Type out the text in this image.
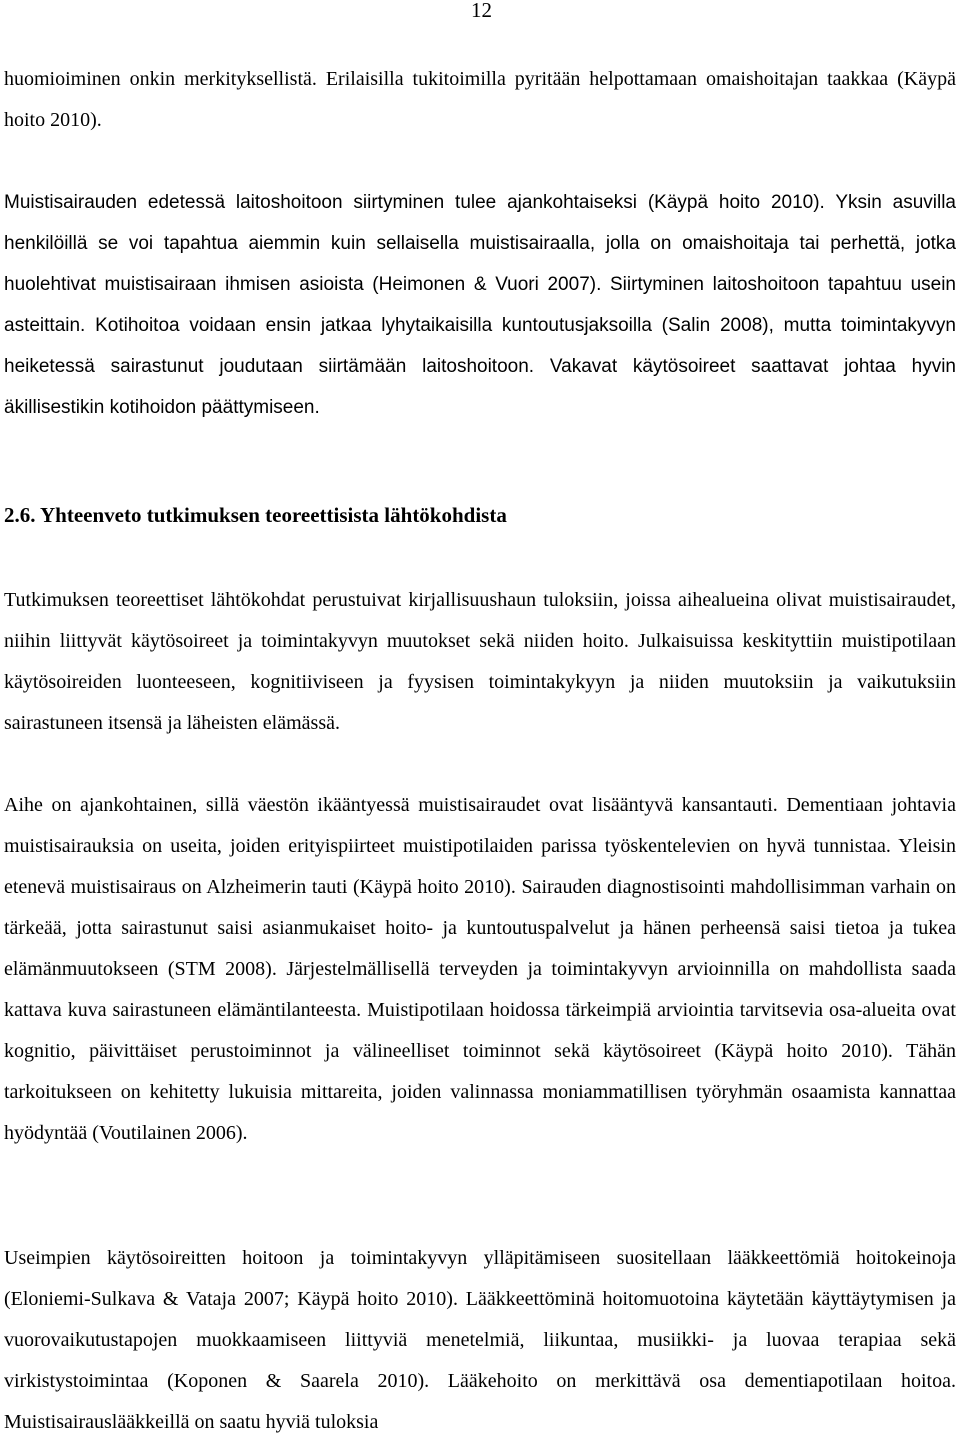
12

huomioiminen onkin merkityksellistä. Erilaisilla tukitoimilla pyritään helpottamaan omaishoitajan taakkaa (Käypä hoito 2010).

Muistisairauden edetessä laitoshoitoon siirtyminen tulee ajankohtaiseksi (Käypä hoito 2010). Yksin asuvilla henkilöillä se voi tapahtua aiemmin kuin sellaisella muistisairaalla, jolla on omaishoitaja tai perhettä, jotka huolehtivat muistisairaan ihmisen asioista (Heimonen & Vuori 2007). Siirtyminen laitoshoitoon tapahtuu usein asteittain. Kotihoitoa voidaan ensin jatkaa lyhytaikaisilla kuntoutusjaksoilla (Salin 2008), mutta toimintakyvyn heiketessä sairastunut joudutaan siirtämään laitoshoitoon. Vakavat käytösoireet saattavat johtaa hyvin äkillisestikin kotihoidon päättymiseen.

2.6. Yhteenveto tutkimuksen teoreettisista lähtökohdista

Tutkimuksen teoreettiset lähtökohdat perustuivat kirjallisuushaun tuloksiin, joissa aihealueina olivat muistisairaudet, niihin liittyvät käytösoireet ja toimintakyvyn muutokset sekä niiden hoito. Julkaisuissa keskityttiin muistipotilaan käytösoireiden luonteeseen, kognitiiviseen ja fyysisen toimintakykyyn ja niiden muutoksiin ja vaikutuksiin sairastuneen itsensä ja läheisten elämässä.

Aihe on ajankohtainen, sillä väestön ikääntyessä muistisairaudet ovat lisääntyvä kansantauti. Dementiaan johtavia muistisairauksia on useita, joiden erityispiirteet muistipotilaiden parissa työskentelevien on hyvä tunnistaa. Yleisin etenevä muistisairaus on Alzheimerin tauti (Käypä hoito 2010). Sairauden diagnostisointi mahdollisimman varhain on tärkeää, jotta sairastunut saisi asianmukaiset hoito- ja kuntoutuspalvelut ja hänen perheensä saisi tietoa ja tukea elämänmuutokseen (STM 2008). Järjestelmällisellä terveyden ja toimintakyvyn arvioinnilla on mahdollista saada kattava kuva sairastuneen elämäntilanteesta. Muistipotilaan hoidossa tärkeimpiä arviointia tarvitsevia osa-alueita ovat kognitio, päivittäiset perustoiminnot ja välineelliset toiminnot sekä käytösoireet (Käypä hoito 2010). Tähän tarkoitukseen on kehitetty lukuisia mittareita, joiden valinnassa moniammatillisen työryhmän osaamista kannattaa hyödyntää (Voutilainen 2006).

Useimpien käytösoireitten hoitoon ja toimintakyvyn ylläpitämiseen suositellaan lääkkeettömiä hoitokeinoja (Eloniemi-Sulkava & Vataja 2007; Käypä hoito 2010). Lääkkeettöminä hoitomuotoina käytetään käyttäytymisen ja vuorovaikutustapojen muokkaamiseen liittyviä menetelmiä, liikuntaa, musiikki- ja luovaa terapiaa sekä virkistystoimintaa (Koponen & Saarela 2010). Lääkehoito on merkittävä osa dementiapotilaan hoitoa. Muistisairauslääkkeillä on saatu hyviä tuloksia
